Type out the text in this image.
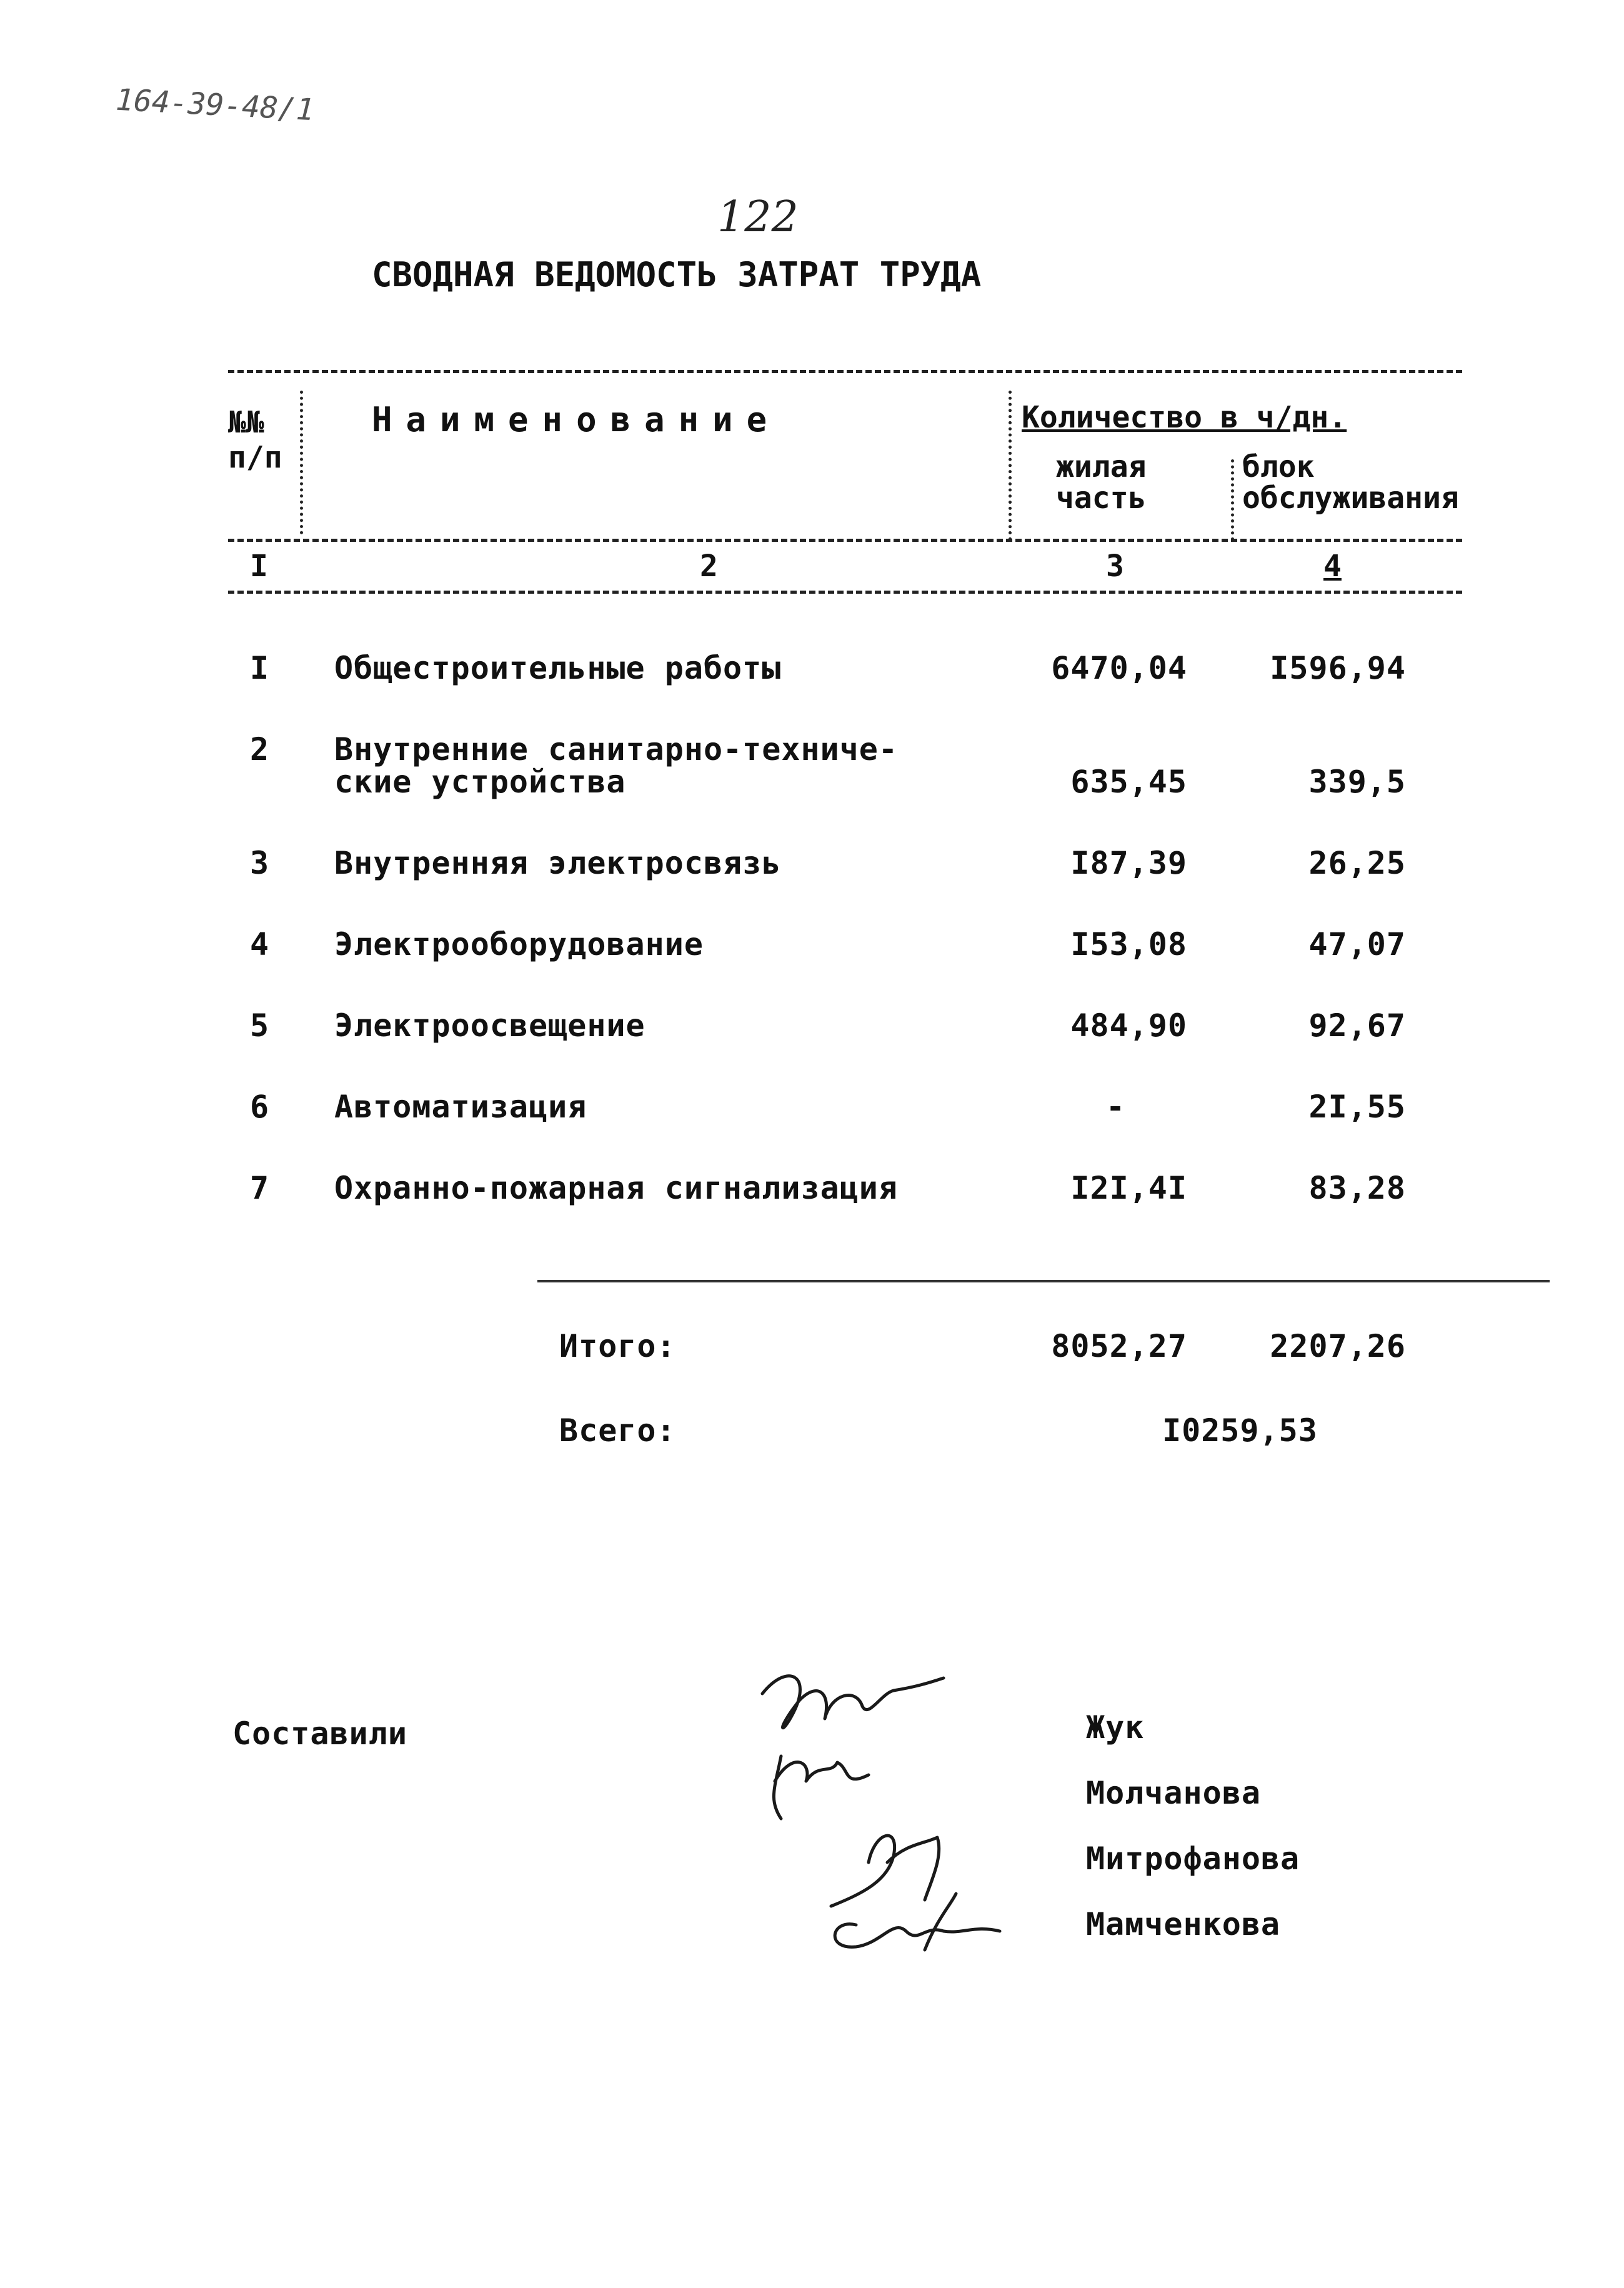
164-39-48/1
122
СВОДНАЯ ВЕДОМОСТЬ ЗАТРАТ ТРУДА
№№ п/п
Наименование	Количество в ч/дн.
жилая часть
блок обслуживания
I	2	3	4
I Общестроительные работы	6470,04	I596,94
2 Внутренние санитарно-техниче-
ские устройства	635,45	339,5
3 Внутренняя электросвязь	I87,39	26,25
4 Электрооборудование	I53,08	47,07
5 Электроосвещение	484,90	92,67
6 Автоматизация	-	2I,55
7 Охранно-пожарная сигнализация	I2I,4I	83,28
Итого:	8052,27	2207,26
Всего:	I0259,53
Составили	Жук
Молчанова
Митрофанова
Мамченкова
